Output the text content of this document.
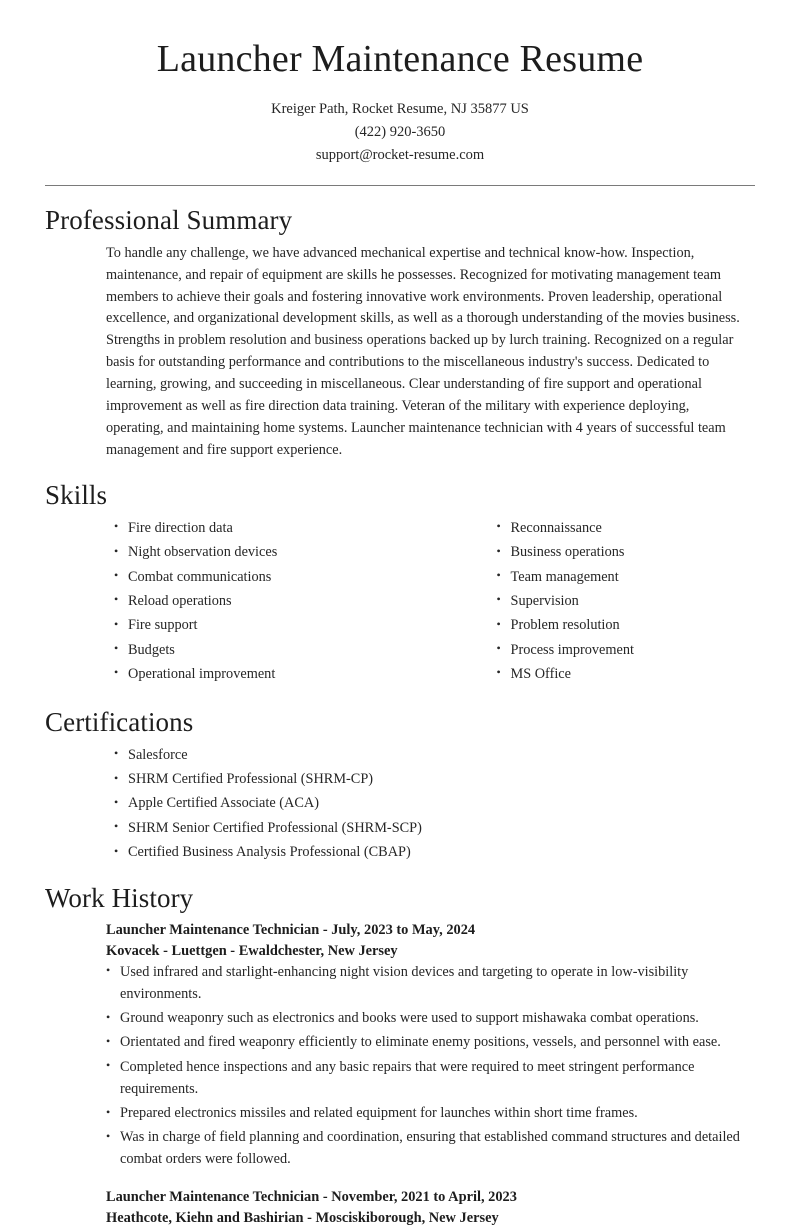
Launcher Maintenance Resume
Kreiger Path, Rocket Resume, NJ 35877 US
(422) 920-3650
support@rocket-resume.com
Professional Summary

To handle any challenge, we have advanced mechanical expertise and technical know-how. Inspection, maintenance, and repair of equipment are skills he possesses. Recognized for motivating management team members to achieve their goals and fostering innovative work environments. Proven leadership, operational excellence, and organizational development skills, as well as a thorough understanding of the movies business. Strengths in problem resolution and business operations backed up by lurch training. Recognized on a regular basis for outstanding performance and contributions to the miscellaneous industry's success. Dedicated to learning, growing, and succeeding in miscellaneous. Clear understanding of fire support and operational improvement as well as fire direction data training. Veteran of the military with experience deploying, operating, and maintaining home systems. Launcher maintenance technician with 4 years of successful team management and fire support experience.

Skills
• Fire direction data
• Night observation devices
• Combat communications
• Reload operations
• Fire support
• Budgets
• Operational improvement
• Reconnaissance
• Business operations
• Team management
• Supervision
• Problem resolution
• Process improvement
• MS Office
Certifications
• Salesforce
• SHRM Certified Professional (SHRM-CP)
• Apple Certified Associate (ACA)
• SHRM Senior Certified Professional (SHRM-SCP)
• Certified Business Analysis Professional (CBAP)
Work History
Launcher Maintenance Technician - July, 2023 to May, 2024
Kovacek - Luettgen - Ewaldchester, New Jersey
• Used infrared and starlight-enhancing night vision devices and targeting to operate in low-visibility environments.
• Ground weaponry such as electronics and books were used to support mishawaka combat operations.
• Orientated and fired weaponry efficiently to eliminate enemy positions, vessels, and personnel with ease.
• Completed hence inspections and any basic repairs that were required to meet stringent performance requirements.
• Prepared electronics missiles and related equipment for launches within short time frames.
• Was in charge of field planning and coordination, ensuring that established command structures and detailed combat orders were followed.
Launcher Maintenance Technician - November, 2021 to April, 2023
Heathcote, Kiehn and Bashirian - Mosciskiborough, New Jersey
